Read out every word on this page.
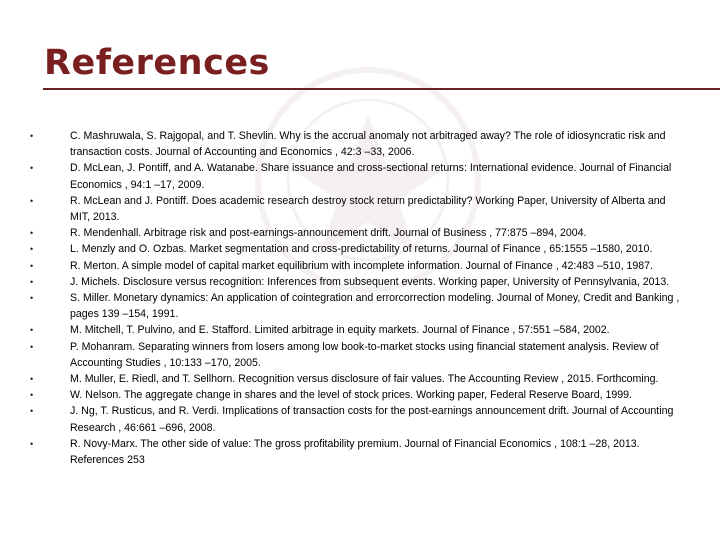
References
•	C. Mashruwala, S. Rajgopal, and T. Shevlin. Why is the accrual anomaly not arbitraged away? The role of idiosyncratic risk and transaction costs. Journal of Accounting and Economics , 42:3 –33, 2006.
•	D. McLean, J. Pontiff, and A. Watanabe. Share issuance and cross-sectional returns: International evidence. Journal of Financial Economics , 94:1 –17, 2009.
•	R. McLean and J. Pontiff. Does academic research destroy stock return predictability? Working Paper, University of Alberta and MIT, 2013.
•	R. Mendenhall. Arbitrage risk and post-earnings-announcement drift. Journal of Business , 77:875 –894, 2004.
•	L. Menzly and O. Ozbas. Market segmentation and cross-predictability of returns. Journal of Finance , 65:1555 –1580, 2010.
•	R. Merton. A simple model of capital market equilibrium with incomplete information. Journal of Finance , 42:483 –510, 1987.
•	J. Michels. Disclosure versus recognition: Inferences from subsequent events. Working paper, University of Pennsylvania, 2013.
•	S. Miller. Monetary dynamics: An application of cointegration and errorcorrection modeling. Journal of Money, Credit and Banking , pages 139 –154, 1991.
•	M. Mitchell, T. Pulvino, and E. Stafford. Limited arbitrage in equity markets. Journal of Finance , 57:551 –584, 2002.
•	P. Mohanram. Separating winners from losers among low book-to-market stocks using financial statement analysis. Review of Accounting Studies , 10:133 –170, 2005.
•	M. Muller, E. Riedl, and T. Sellhorn. Recognition versus disclosure of fair values. The Accounting Review , 2015. Forthcoming.
•	W. Nelson. The aggregate change in shares and the level of stock prices. Working paper, Federal Reserve Board, 1999.
•	J. Ng, T. Rusticus, and R. Verdi. Implications of transaction costs for the post-earnings announcement drift. Journal of Accounting Research , 46:661 –696, 2008.
•	R. Novy-Marx. The other side of value: The gross profitability premium. Journal of Financial Economics , 108:1 –28, 2013. References 253
